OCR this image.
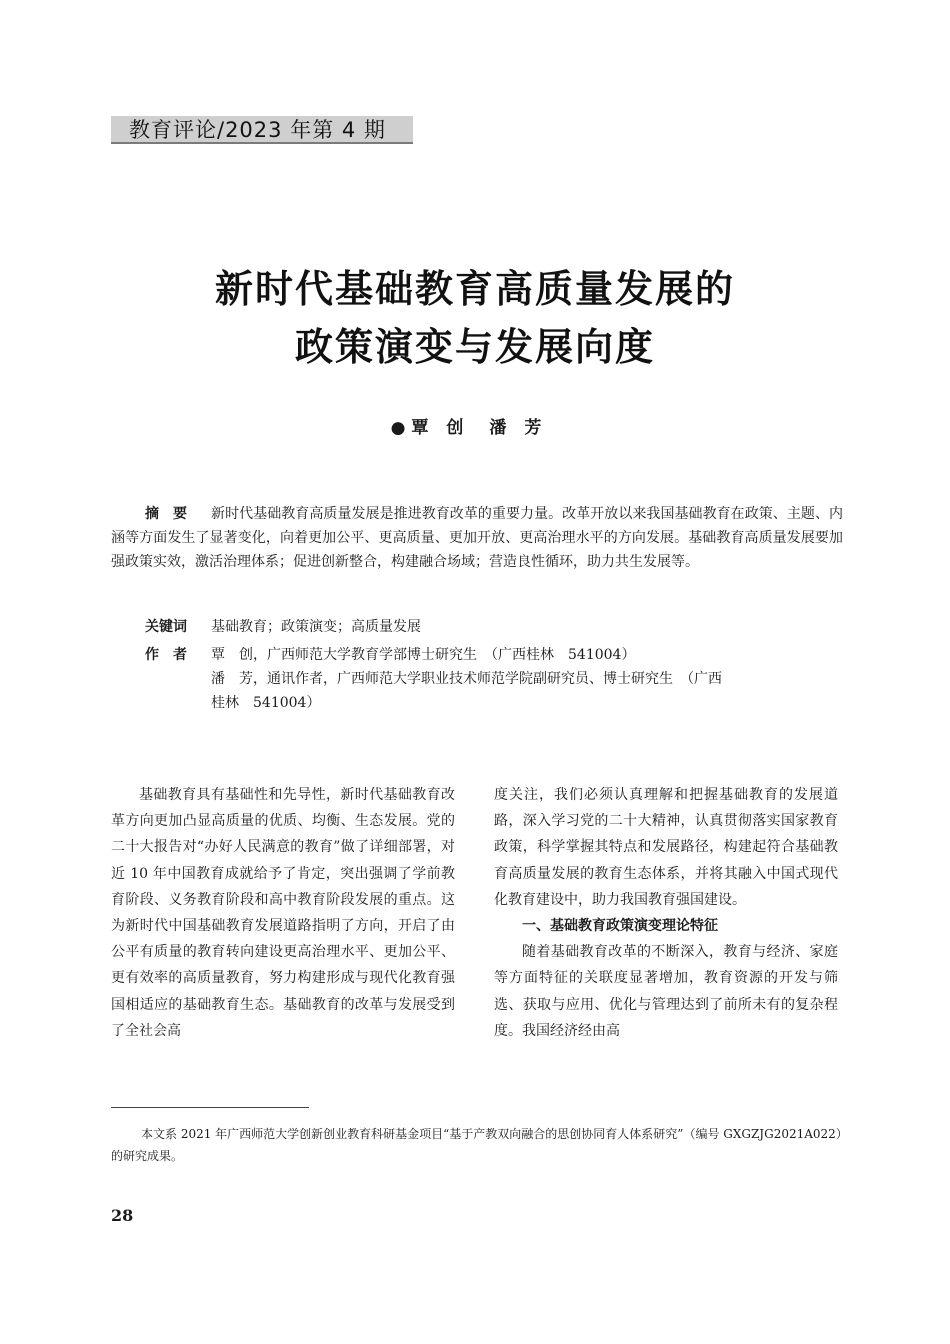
教育评论/2023 年第 4 期
新时代基础教育高质量发展的
政策演变与发展向度
● 覃创 潘芳
摘　要 新时代基础教育高质量发展是推进教育改革的重要力量。改革开放以来我国基础教育在政策、主题、内涵等方面发生了显著变化，向着更加公平、更高质量、更加开放、更高治理水平的方向发展。基础教育高质量发展要加强政策实效，激活治理体系；促进创新整合，构建融合场域；营造良性循环，助力共生发展等。
关键词 基础教育；政策演变；高质量发展
作　者 覃　创，广西师范大学教育学部博士研究生　（广西桂林　541004）
潘　芳，通讯作者，广西师范大学职业技术师范学院副研究员、博士研究生　（广西
桂林　541004）

基础教育具有基础性和先导性，新时代基础教育改革方向更加凸显高质量的优质、均衡、生态发展。党的二十大报告对“办好人民满意的教育”做了详细部署，对近 10 年中国教育成就给予了肯定，突出强调了学前教育阶段、义务教育阶段和高中教育阶段发展的重点。这为新时代中国基础教育发展道路指明了方向，开启了由公平有质量的教育转向建设更高治理水平、更加公平、更有效率的高质量教育，努力构建形成与现代化教育强国相适应的基础教育生态。基础教育的改革与发展受到了全社会高

度关注，我们必须认真理解和把握基础教育的发展道路，深入学习党的二十大精神，认真贯彻落实国家教育政策，科学掌握其特点和发展路径，构建起符合基础教育高质量发展的教育生态体系，并将其融入中国式现代化教育建设中，助力我国教育强国建设。

一、基础教育政策演变理论特征

随着基础教育改革的不断深入，教育与经济、家庭等方面特征的关联度显著增加，教育资源的开发与筛选、获取与应用、优化与管理达到了前所未有的复杂程度。我国经济经由高

本文系 2021 年广西师范大学创新创业教育科研基金项目“基于产教双向融合的思创协同育人体系研究”（编号 GXGZJG2021A022）的研究成果。

28
